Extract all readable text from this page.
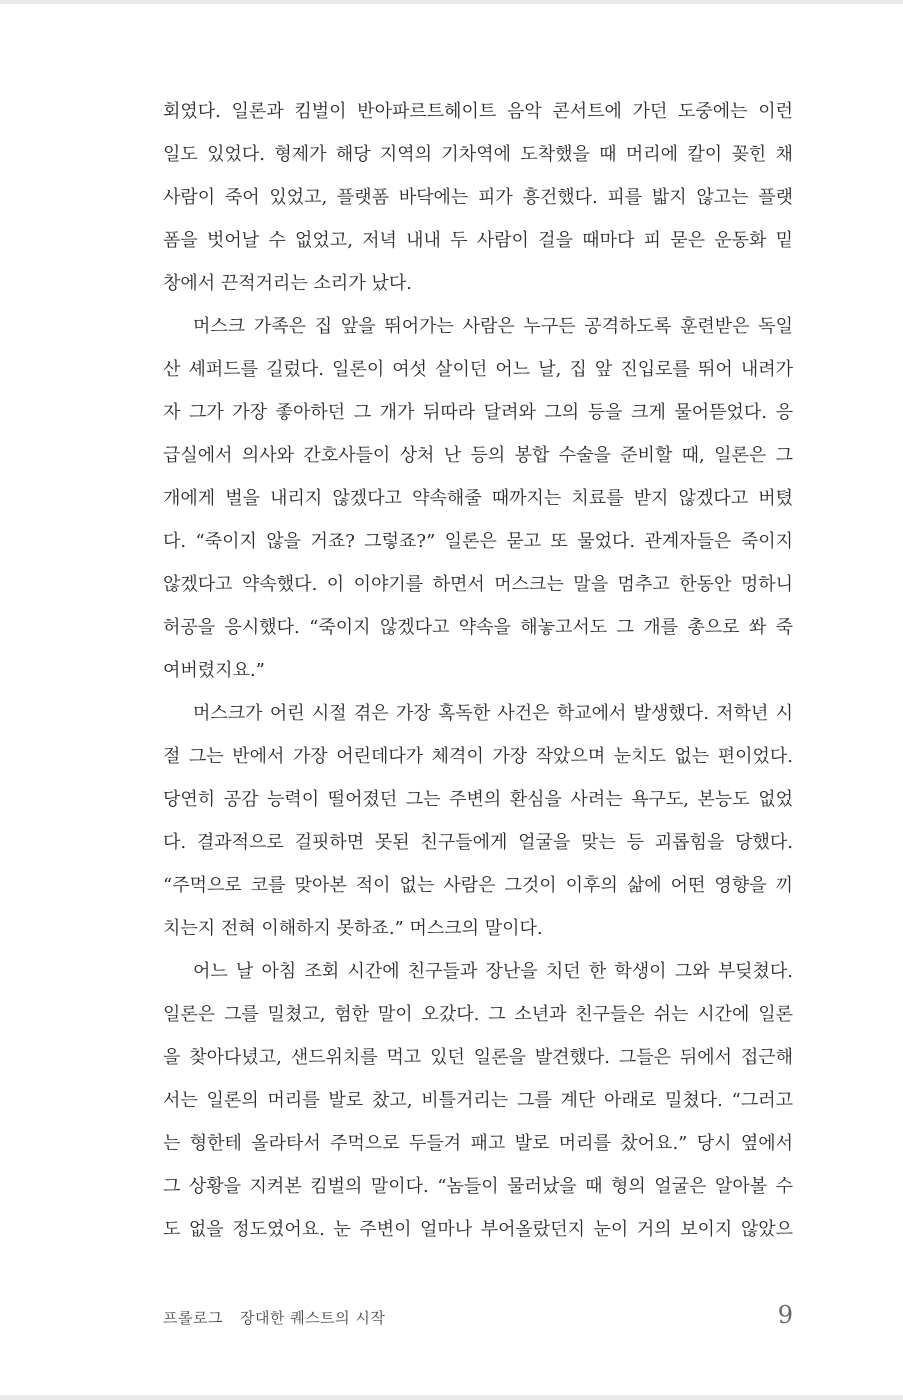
회였다. 일론과 킴벌이 반아파르트헤이트 음악 콘서트에 가던 도중에는 이런
일도 있었다. 형제가 해당 지역의 기차역에 도착했을 때 머리에 칼이 꽂힌 채
사람이 죽어 있었고, 플랫폼 바닥에는 피가 흥건했다. 피를 밟지 않고는 플랫
폼을 벗어날 수 없었고, 저녁 내내 두 사람이 걸을 때마다 피 묻은 운동화 밑
창에서 끈적거리는 소리가 났다.
머스크 가족은 집 앞을 뛰어가는 사람은 누구든 공격하도록 훈련받은 독일
산 셰퍼드를 길렀다. 일론이 여섯 살이던 어느 날, 집 앞 진입로를 뛰어 내려가
자 그가 가장 좋아하던 그 개가 뒤따라 달려와 그의 등을 크게 물어뜯었다. 응
급실에서 의사와 간호사들이 상처 난 등의 봉합 수술을 준비할 때, 일론은 그
개에게 벌을 내리지 않겠다고 약속해줄 때까지는 치료를 받지 않겠다고 버텼
다. “죽이지 않을 거죠? 그렇죠?” 일론은 묻고 또 물었다. 관계자들은 죽이지
않겠다고 약속했다. 이 이야기를 하면서 머스크는 말을 멈추고 한동안 멍하니
허공을 응시했다. “죽이지 않겠다고 약속을 해놓고서도 그 개를 총으로 쏴 죽
여버렸지요.”
머스크가 어린 시절 겪은 가장 혹독한 사건은 학교에서 발생했다. 저학년 시
절 그는 반에서 가장 어린데다가 체격이 가장 작았으며 눈치도 없는 편이었다.
당연히 공감 능력이 떨어졌던 그는 주변의 환심을 사려는 욕구도, 본능도 없었
다. 결과적으로 걸핏하면 못된 친구들에게 얼굴을 맞는 등 괴롭힘을 당했다.
“주먹으로 코를 맞아본 적이 없는 사람은 그것이 이후의 삶에 어떤 영향을 끼
치는지 전혀 이해하지 못하죠.” 머스크의 말이다.
어느 날 아침 조회 시간에 친구들과 장난을 치던 한 학생이 그와 부딪쳤다.
일론은 그를 밀쳤고, 험한 말이 오갔다. 그 소년과 친구들은 쉬는 시간에 일론
을 찾아다녔고, 샌드위치를 먹고 있던 일론을 발견했다. 그들은 뒤에서 접근해
서는 일론의 머리를 발로 찼고, 비틀거리는 그를 계단 아래로 밀쳤다. “그러고
는 형한테 올라타서 주먹으로 두들겨 패고 발로 머리를 찼어요.” 당시 옆에서
그 상황을 지켜본 킴벌의 말이다. “놈들이 물러났을 때 형의 얼굴은 알아볼 수
도 없을 정도였어요. 눈 주변이 얼마나 부어올랐던지 눈이 거의 보이지 않았으
프롤로그 장대한 퀘스트의 시작	9
